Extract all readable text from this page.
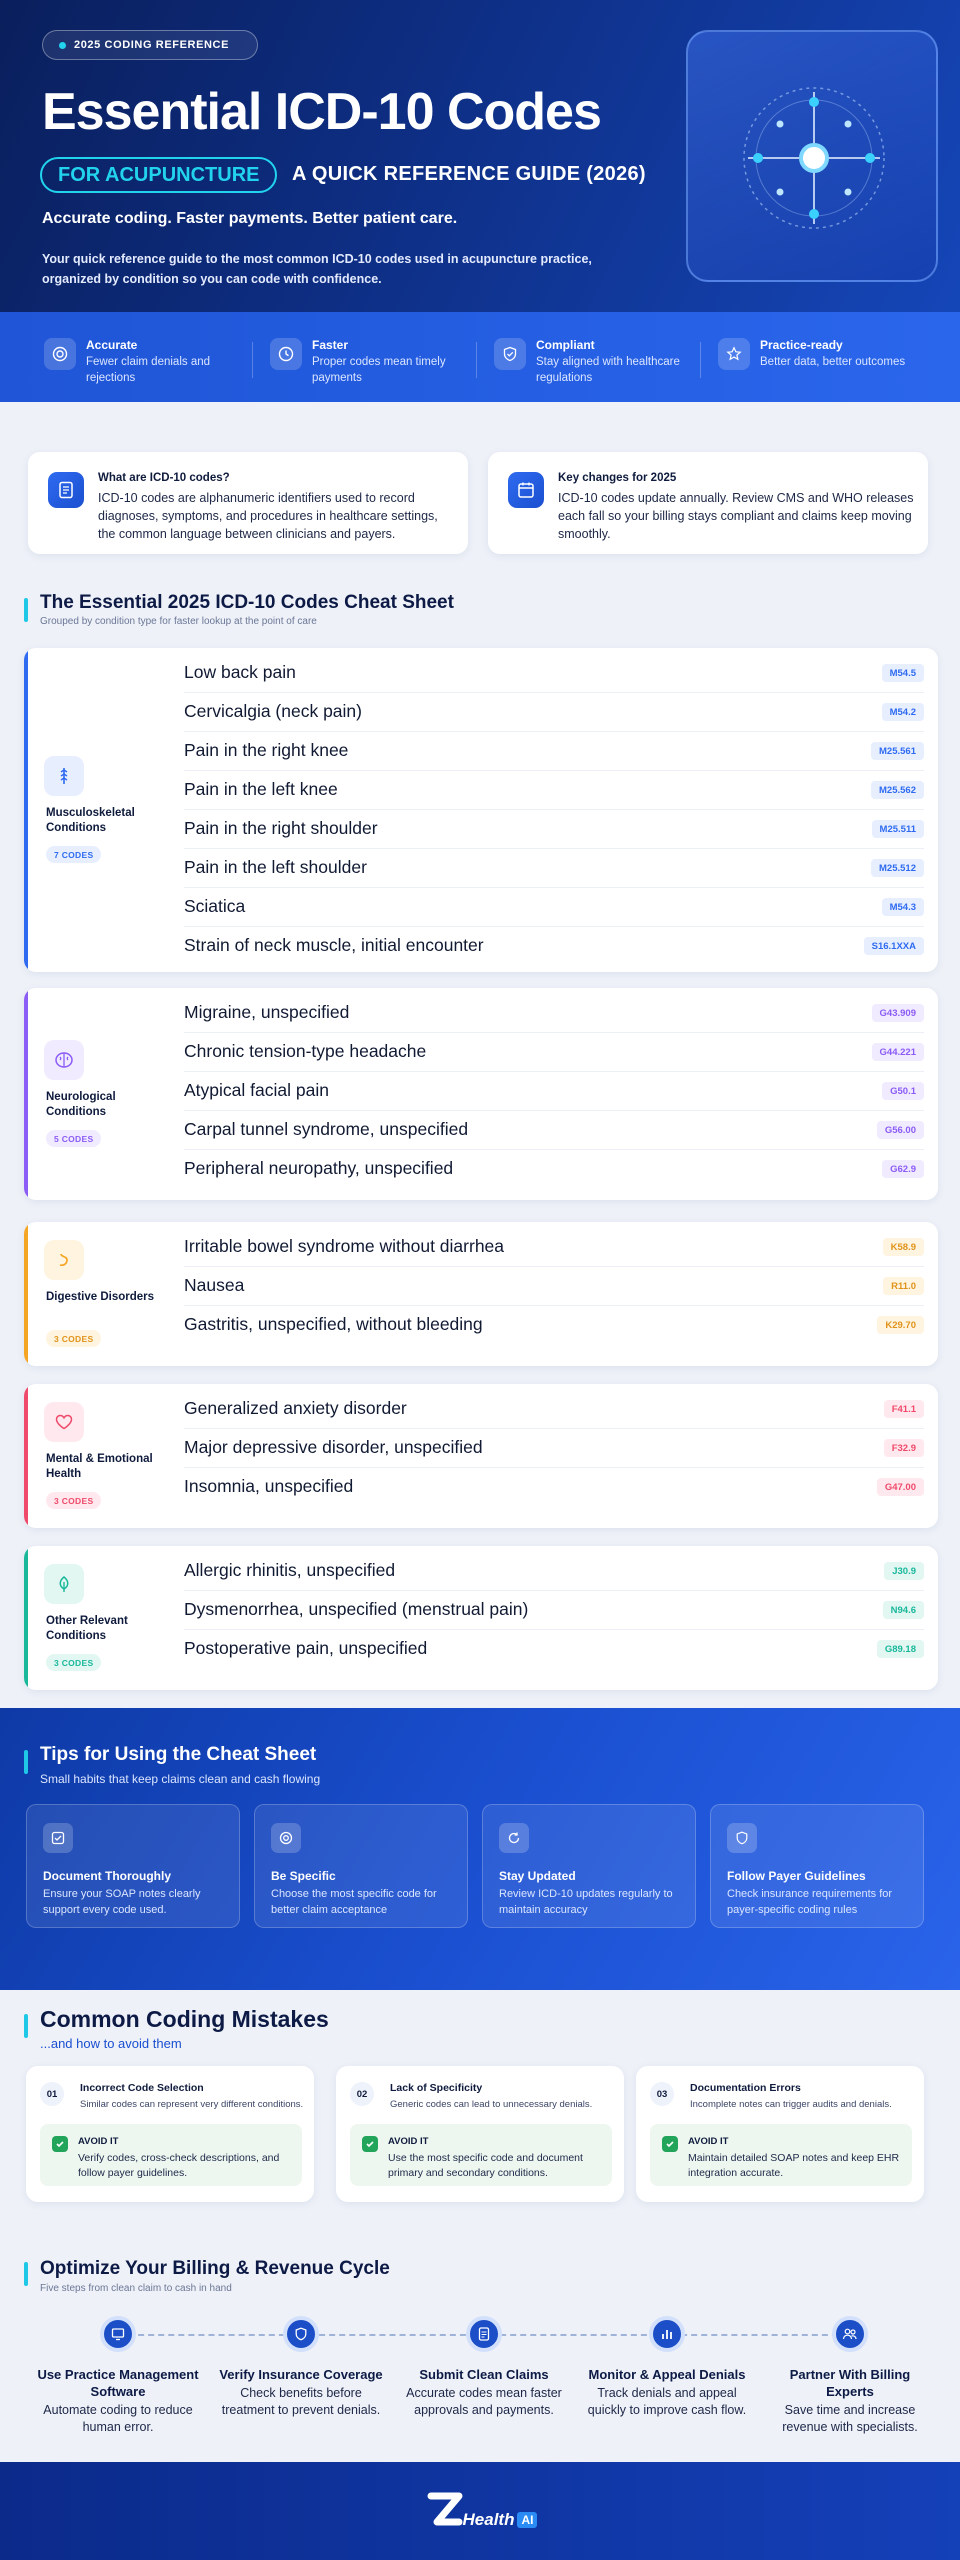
2025 CODING REFERENCE
Essential ICD-10 Codes
FOR ACUPUNCTURE	A QUICK REFERENCE GUIDE (2026)
Accurate coding. Faster payments. Better patient care.
Your quick reference guide to the most common ICD-10 codes used in acupuncture practice, organized by condition so you can code with confidence.
Accurate
Fewer claim denials and rejections
Faster
Proper codes mean timely payments
Compliant
Stay aligned with healthcare regulations
Practice-ready
Better data, better outcomes
What are ICD-10 codes?
ICD-10 codes are alphanumeric identifiers used to record diagnoses, symptoms, and procedures in healthcare settings, the common language between clinicians and payers.
Key changes for 2025
ICD-10 codes update annually. Review CMS and WHO releases each fall so your billing stays compliant and claims keep moving smoothly.
The Essential 2025 ICD-10 Codes Cheat Sheet
Grouped by condition type for faster lookup at the point of care
Musculoskeletal Conditions
7 CODES
Low back pain	M54.5
Cervicalgia (neck pain)	M54.2
Pain in the right knee	M25.561
Pain in the left knee	M25.562
Pain in the right shoulder	M25.511
Pain in the left shoulder	M25.512
Sciatica	M54.3
Strain of neck muscle, initial encounter	S16.1XXA
Neurological Conditions
5 CODES
Migraine, unspecified	G43.909
Chronic tension-type headache	G44.221
Atypical facial pain	G50.1
Carpal tunnel syndrome, unspecified	G56.00
Peripheral neuropathy, unspecified	G62.9
Digestive Disorders
3 CODES
Irritable bowel syndrome without diarrhea	K58.9
Nausea	R11.0
Gastritis, unspecified, without bleeding	K29.70
Mental & Emotional Health
3 CODES
Generalized anxiety disorder	F41.1
Major depressive disorder, unspecified	F32.9
Insomnia, unspecified	G47.00
Other Relevant Conditions
3 CODES
Allergic rhinitis, unspecified	J30.9
Dysmenorrhea, unspecified (menstrual pain)	N94.6
Postoperative pain, unspecified	G89.18
Tips for Using the Cheat Sheet
Small habits that keep claims clean and cash flowing
Document Thoroughly
Ensure your SOAP notes clearly support every code used.
Be Specific
Choose the most specific code for better claim acceptance
Stay Updated
Review ICD-10 updates regularly to maintain accuracy
Follow Payer Guidelines
Check insurance requirements for payer-specific coding rules
Common Coding Mistakes
...and how to avoid them
01	Incorrect Code Selection
Similar codes can represent very different conditions.
AVOID IT
Verify codes, cross-check descriptions, and follow payer guidelines.
02	Lack of Specificity
Generic codes can lead to unnecessary denials.
AVOID IT
Use the most specific code and document primary and secondary conditions.
03	Documentation Errors
Incomplete notes can trigger audits and denials.
AVOID IT
Maintain detailed SOAP notes and keep EHR integration accurate.
Optimize Your Billing & Revenue Cycle
Five steps from clean claim to cash in hand
Use Practice Management Software
Automate coding to reduce human error.
Verify Insurance Coverage
Check benefits before treatment to prevent denials.
Submit Clean Claims
Accurate codes mean faster approvals and payments.
Monitor & Appeal Denials
Track denials and appeal quickly to improve cash flow.
Partner With Billing Experts
Save time and increase revenue with specialists.
Health AI
